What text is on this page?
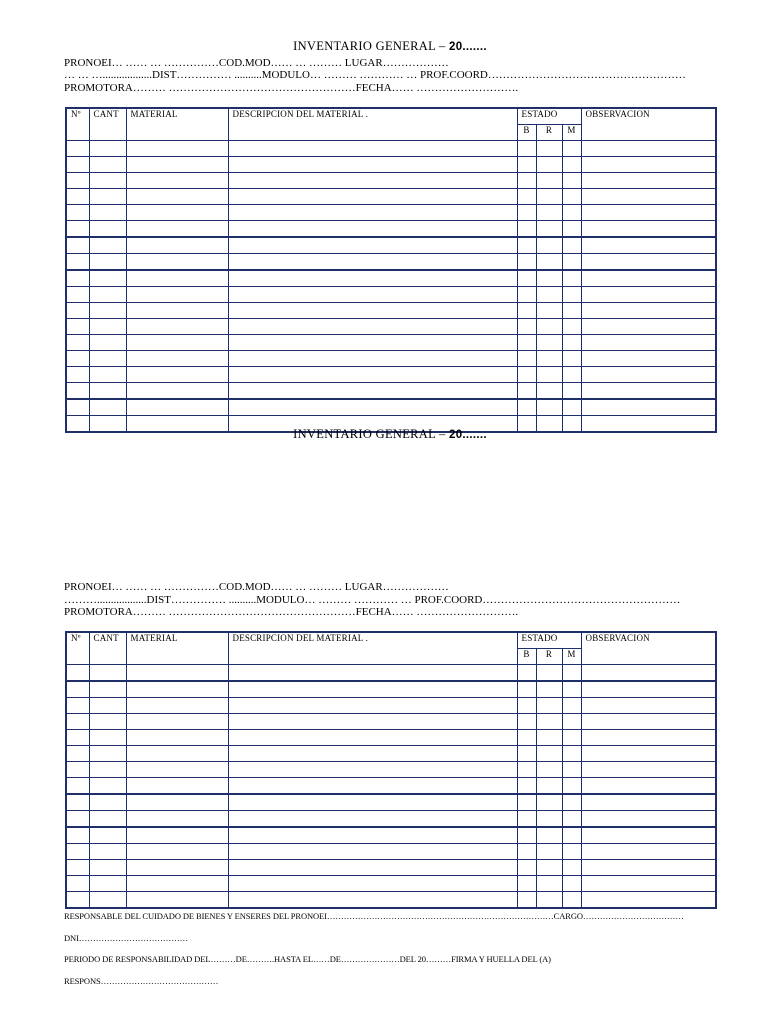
INVENTARIO GENERAL – 20.......
PRONOEI… …… … ……………COD.MOD…… … ……… LUGAR………………
… … …..................DIST…………… ..........MODULO… ……… ………… … PROF.COORD………………………………………………
PROMOTORA……… ……………………………………………FECHA…… ……………………….
Nº	CANT	MATERIAL	DESCRIPCION DEL MATERIAL .	ESTADO			OBSERVACION
				B	R	M	

INVENTARIO GENERAL – 20.......
PRONOEI… …… … ……………COD.MOD…… … ……… LUGAR………………
………..................DIST…………… ..........MODULO… ……… ………… … PROF.COORD………………………………………………
PROMOTORA……… ……………………………………………FECHA…… ……………………….
Nº	CANT	MATERIAL	DESCRIPCION DEL MATERIAL .	ESTADO			OBSERVACION
				B	R	M	

RESPONSABLE DEL CUIDADO DE BIENES Y ENSERES DEL PRONOEI………………………………………………………………………CARGO………………………………
DNI…………………………………
PERIODO DE RESPONSABILIDAD DEL………DE……….HASTA EL……DE…………………DEL 20………FIRMA Y HUELLA DEL (A)
RESPONS……………………………………
